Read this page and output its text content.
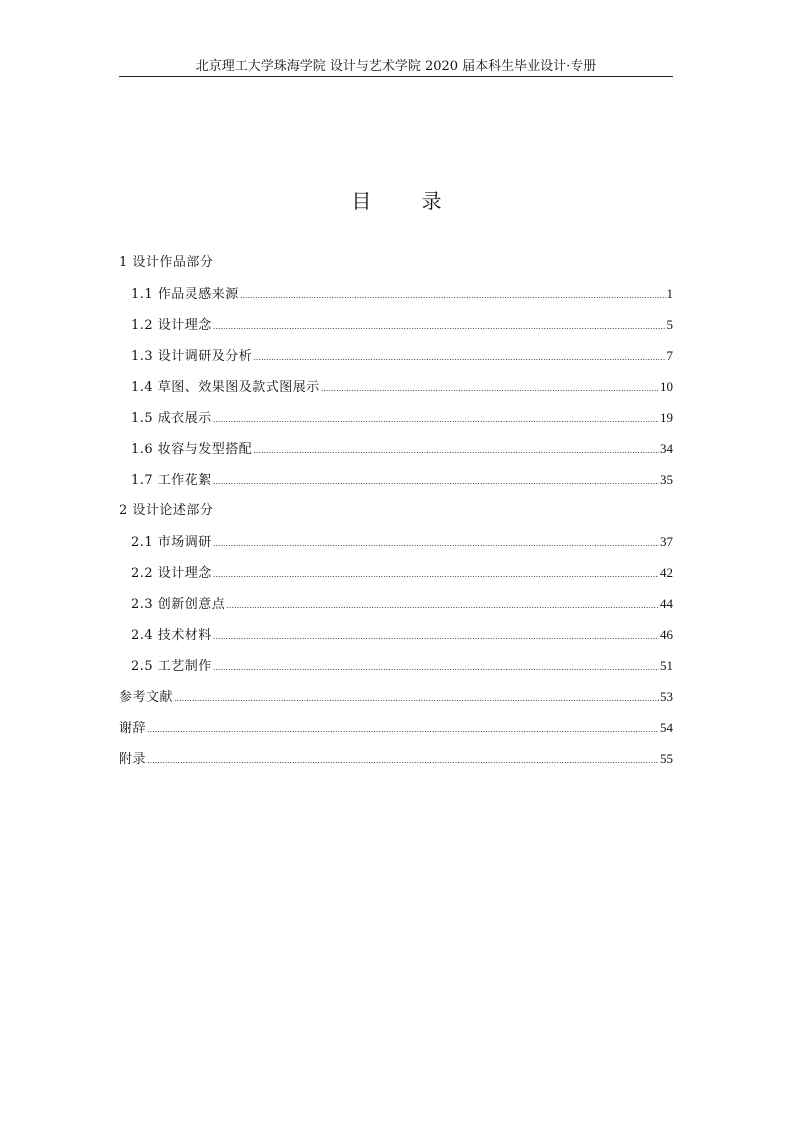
北京理工大学珠海学院 设计与艺术学院 2020 届本科生毕业设计·专册
目 录
1 设计作品部分
1.1 作品灵感来源 .....	1
1.2 设计理念 .....	5
1.3 设计调研及分析 .....	7
1.4 草图、效果图及款式图展示 .....	10
1.5 成衣展示 .....	19
1.6 妆容与发型搭配 .....	34
1.7 工作花絮 .....	35
2 设计论述部分
2.1 市场调研 .....	37
2.2 设计理念 .....	42
2.3 创新创意点 .....	44
2.4 技术材料 .....	46
2.5 工艺制作 .....	51
参考文献 .....	53
谢辞 .....	54
附录 .....	55
